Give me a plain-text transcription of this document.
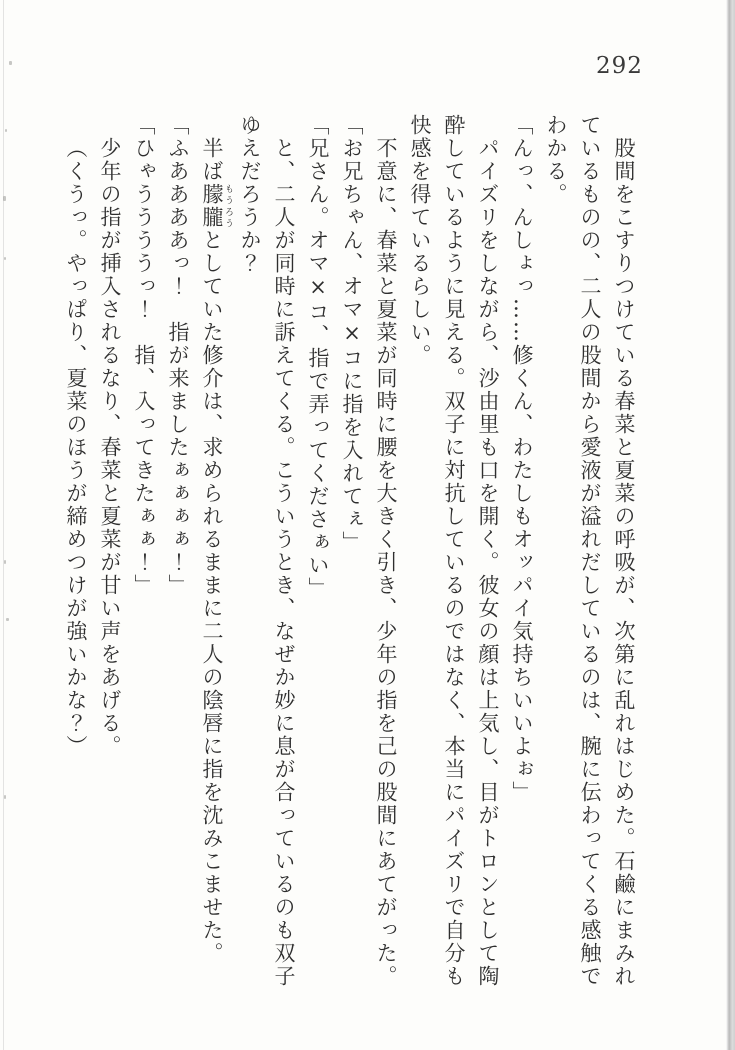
292

股間をこすりつけている春菜と夏菜の呼吸が、次第に乱れはじめた。石鹼にまみれ

ているものの、二人の股間から愛液が溢れだしているのは、腕に伝わってくる感触で

わかる。

「んっ、んしょっ……修くん、わたしもオッパイ気持ちいいよぉ」

パイズリをしながら、沙由里も口を開く。彼女の顔は上気し、目がトロンとして陶

酔しているように見える。双子に対抗しているのではなく、本当にパイズリで自分も

快感を得ているらしい。

不意に、春菜と夏菜が同時に腰を大きく引き、少年の指を己の股間にあてがった。

「お兄ちゃん、オマ×コに指を入れてぇ」

「兄さん。オマ×コ、指で弄ってくださぁい」

と、二人が同時に訴えてくる。こういうとき、なぜか妙に息が合っているのも双子

ゆえだろうか？

半ば朦朧 もうろうとしていた修介は、求められるままに二人の陰唇に指を沈みこませた。

「ふああああっ！　指が来ましたぁぁぁぁ！」

「ひゃううううっ！　指、入ってきたぁぁ！」

少年の指が挿入されるなり、春菜と夏菜が甘い声をあげる。

（くうっ。やっぱり、夏菜のほうが締めつけが強いかな？）
